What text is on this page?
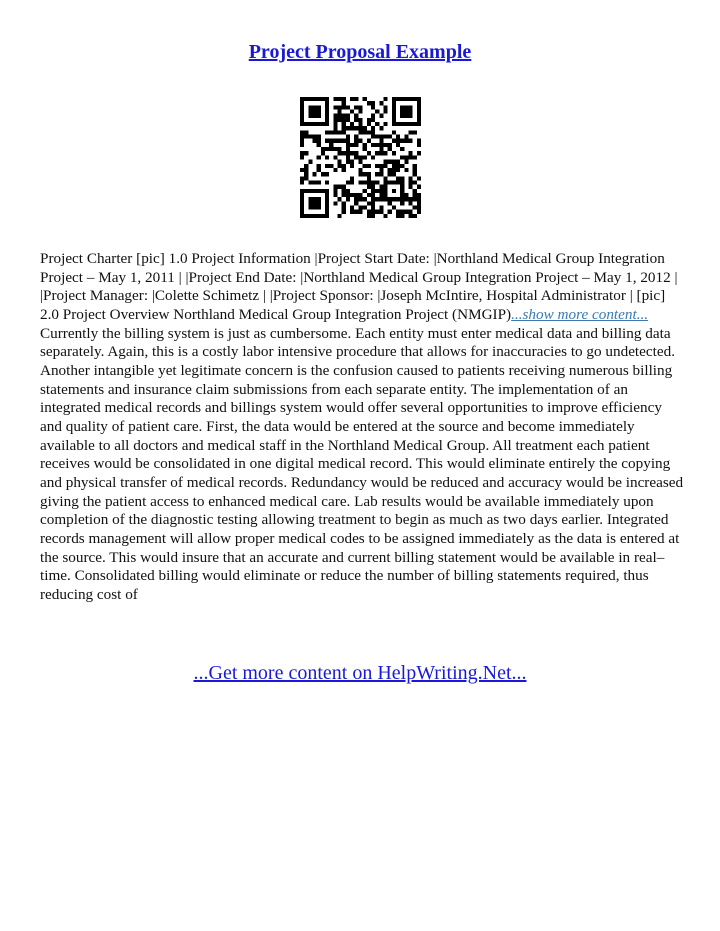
Project Proposal Example

Project Charter [pic] 1.0 Project Information |Project Start Date: |Northland Medical Group Integration Project – May 1, 2011 | |Project End Date: |Northland Medical Group Integration Project – May 1, 2012 | |Project Manager: |Colette Schimetz | |Project Sponsor: |Joseph McIntire, Hospital Administrator | [pic] 2.0 Project Overview Northland Medical Group Integration Project (NMGIP)...show more content...

Currently the billing system is just as cumbersome. Each entity must enter medical data and billing data separately. Again, this is a costly labor intensive procedure that allows for inaccuracies to go undetected. Another intangible yet legitimate concern is the confusion caused to patients receiving numerous billing statements and insurance claim submissions from each separate entity. The implementation of an integrated medical records and billings system would offer several opportunities to improve efficiency and quality of patient care. First, the data would be entered at the source and become immediately available to all doctors and medical staff in the Northland Medical Group. All treatment each patient receives would be consolidated in one digital medical record. This would eliminate entirely the copying and physical transfer of medical records. Redundancy would be reduced and accuracy would be increased giving the patient access to enhanced medical care. Lab results would be available immediately upon completion of the diagnostic testing allowing treatment to begin as much as two days earlier. Integrated records management will allow proper medical codes to be assigned immediately as the data is entered at the source. This would insure that an accurate and current billing statement would be available in real–time. Consolidated billing would eliminate or reduce the number of billing statements required, thus reducing cost of

...Get more content on HelpWriting.Net...
